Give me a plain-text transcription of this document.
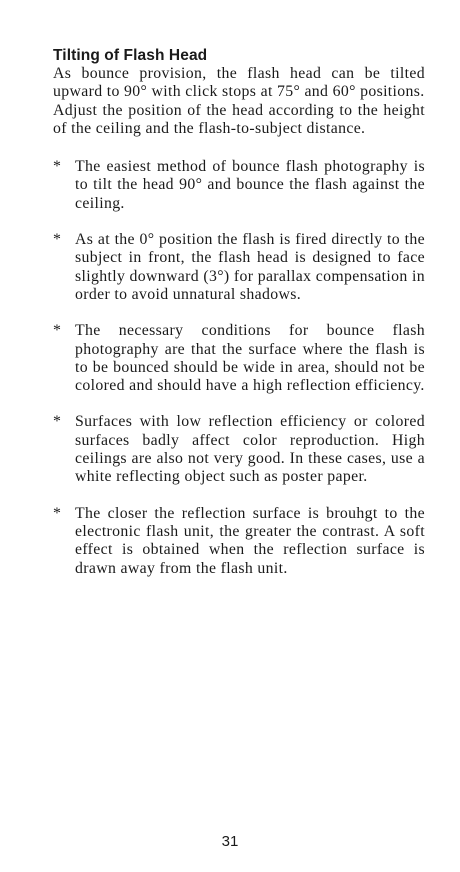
Tilting of Flash Head

As bounce provision, the flash head can be tilted upward to 90° with click stops at 75° and 60° positions.

Adjust the position of the head according to the height of the ceiling and the flash-to-subject distance.

* The easiest method of bounce flash photography is to tilt the head 90° and bounce the flash against the ceiling.
* As at the 0° position the flash is fired directly to the subject in front, the flash head is designed to face slightly downward (3°) for parallax compensation in order to avoid unnatural shadows.
* The necessary conditions for bounce flash photography are that the surface where the flash is to be bounced should be wide in area, should not be colored and should have a high reflection efficiency.
* Surfaces with low reflection efficiency or colored surfaces badly affect color reproduction. High ceilings are also not very good. In these cases, use a white reflecting object such as poster paper.
* The closer the reflection surface is brouhgt to the electronic flash unit, the greater the contrast. A soft effect is obtained when the reflection surface is drawn away from the flash unit.

31
